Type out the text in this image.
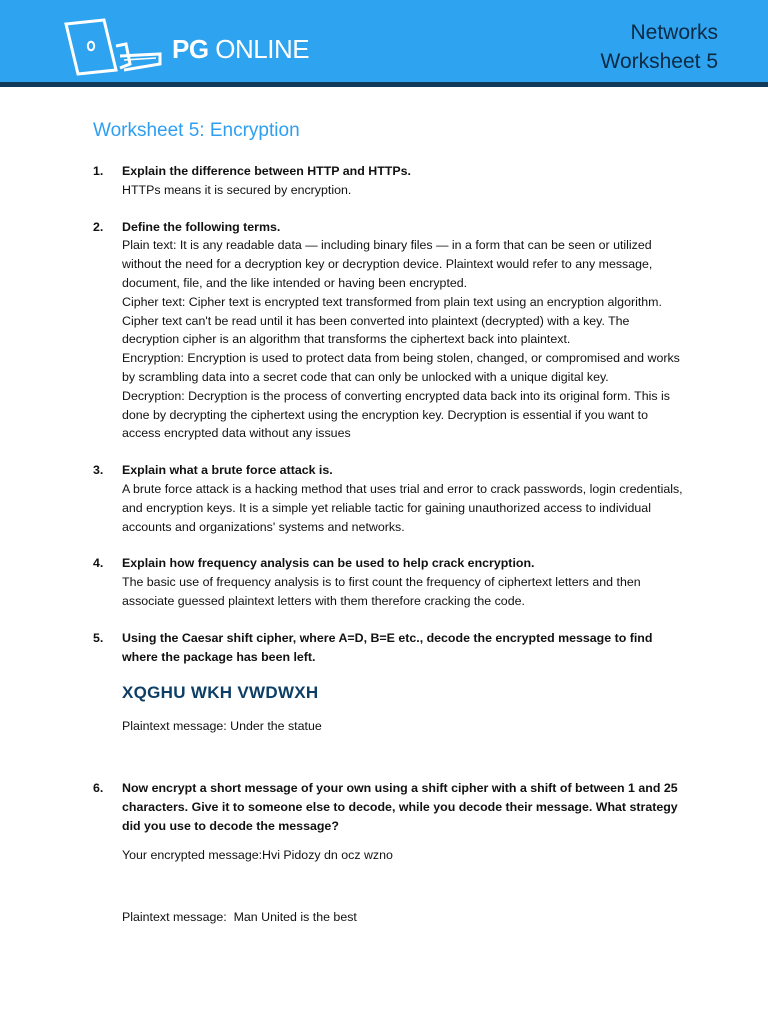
PG ONLINE
Networks
Worksheet 5
Worksheet 5: Encryption
1. Explain the difference between HTTP and HTTPs.
HTTPs means it is secured by encryption.
2. Define the following terms.
Plain text: It is any readable data — including binary files — in a form that can be seen or utilized without the need for a decryption key or decryption device. Plaintext would refer to any message, document, file, and the like intended or having been encrypted.
Cipher text: Cipher text is encrypted text transformed from plain text using an encryption algorithm. Cipher text can't be read until it has been converted into plaintext (decrypted) with a key. The decryption cipher is an algorithm that transforms the ciphertext back into plaintext.
Encryption: Encryption is used to protect data from being stolen, changed, or compromised and works by scrambling data into a secret code that can only be unlocked with a unique digital key.
Decryption: Decryption is the process of converting encrypted data back into its original form. This is done by decrypting the ciphertext using the encryption key. Decryption is essential if you want to access encrypted data without any issues
3. Explain what a brute force attack is.
A brute force attack is a hacking method that uses trial and error to crack passwords, login credentials, and encryption keys. It is a simple yet reliable tactic for gaining unauthorized access to individual accounts and organizations' systems and networks.
4. Explain how frequency analysis can be used to help crack encryption.
The basic use of frequency analysis is to first count the frequency of ciphertext letters and then associate guessed plaintext letters with them therefore cracking the code.
5. Using the Caesar shift cipher, where A=D, B=E etc., decode the encrypted message to find where the package has been left.
XQGHU WKH VWDWXH
Plaintext message: Under the statue
6. Now encrypt a short message of your own using a shift cipher with a shift of between 1 and 25 characters. Give it to someone else to decode, while you decode their message. What strategy did you use to decode the message?
Your encrypted message:Hvi Pidozy dn ocz wzno
Plaintext message:  Man United is the best
